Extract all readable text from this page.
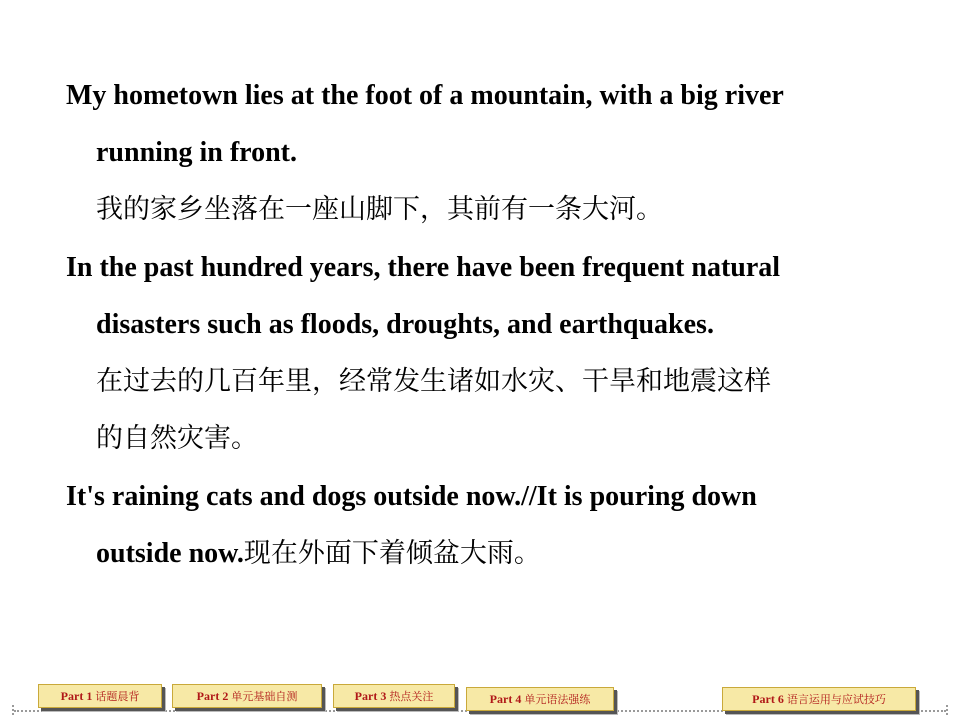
My hometown lies at the foot of a mountain, with a big river
running in front.
我的家乡坐落在一座山脚下，其前有一条大河。
In the past hundred years, there have been frequent natural
disasters such as floods, droughts, and earthquakes.
在过去的几百年里，经常发生诸如水灾、干旱和地震这样
的自然灾害。
It's raining cats and dogs outside now.//It is pouring down
outside now.现在外面下着倾盆大雨。
Part 1 话题晨背	Part 2 单元基础自测	Part 3 热点关注	Part 4 单元语法强练	Part 6 语言运用与应试技巧
